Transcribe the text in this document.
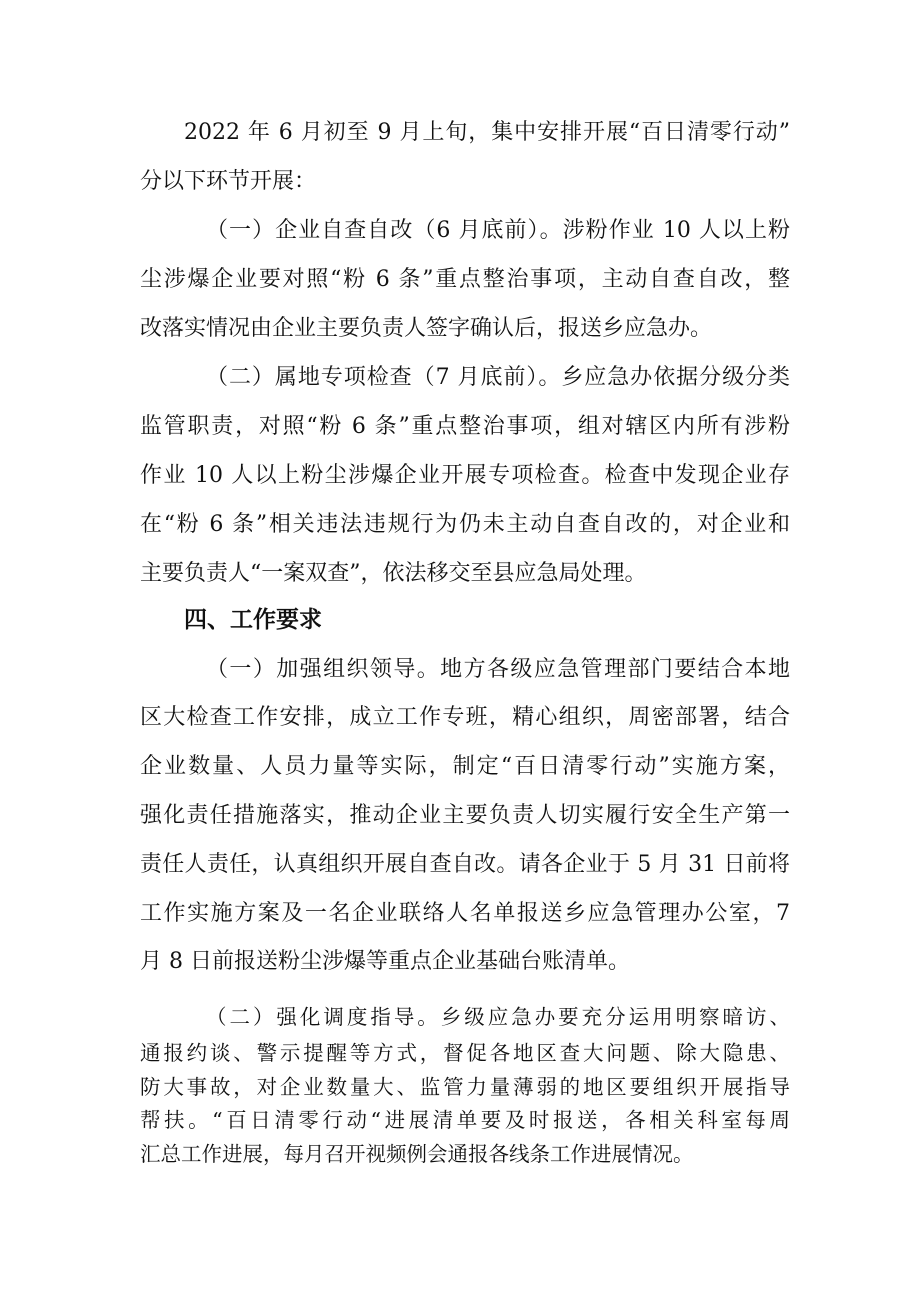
2022 年 6 月初至 9 月上旬，集中安排开展“百日清零行动”
分以下环节开展：
（一）企业自查自改（6 月底前）。涉粉作业 10 人以上粉
尘涉爆企业要对照“粉 6 条”重点整治事项，主动自查自改，整
改落实情况由企业主要负责人签字确认后，报送乡应急办。
（二）属地专项检查（7 月底前）。乡应急办依据分级分类
监管职责，对照“粉 6 条”重点整治事项，组对辖区内所有涉粉
作业 10 人以上粉尘涉爆企业开展专项检查。检查中发现企业存
在“粉 6 条”相关违法违规行为仍未主动自查自改的，对企业和
主要负责人“一案双查”，依法移交至县应急局处理。
四、工作要求
（一）加强组织领导。地方各级应急管理部门要结合本地
区大检查工作安排，成立工作专班，精心组织，周密部署，结合
企业数量、人员力量等实际，制定“百日清零行动”实施方案，
强化责任措施落实，推动企业主要负责人切实履行安全生产第一
责任人责任，认真组织开展自查自改。请各企业于 5 月 31 日前将
工作实施方案及一名企业联络人名单报送乡应急管理办公室，7
月 8 日前报送粉尘涉爆等重点企业基础台账清单。
（二）强化调度指导。乡级应急办要充分运用明察暗访、
通报约谈、警示提醒等方式，督促各地区查大问题、除大隐患、
防大事故，对企业数量大、监管力量薄弱的地区要组织开展指导
帮扶。“百日清零行动“进展清单要及时报送，各相关科室每周
汇总工作进展，每月召开视频例会通报各线条工作进展情况。
